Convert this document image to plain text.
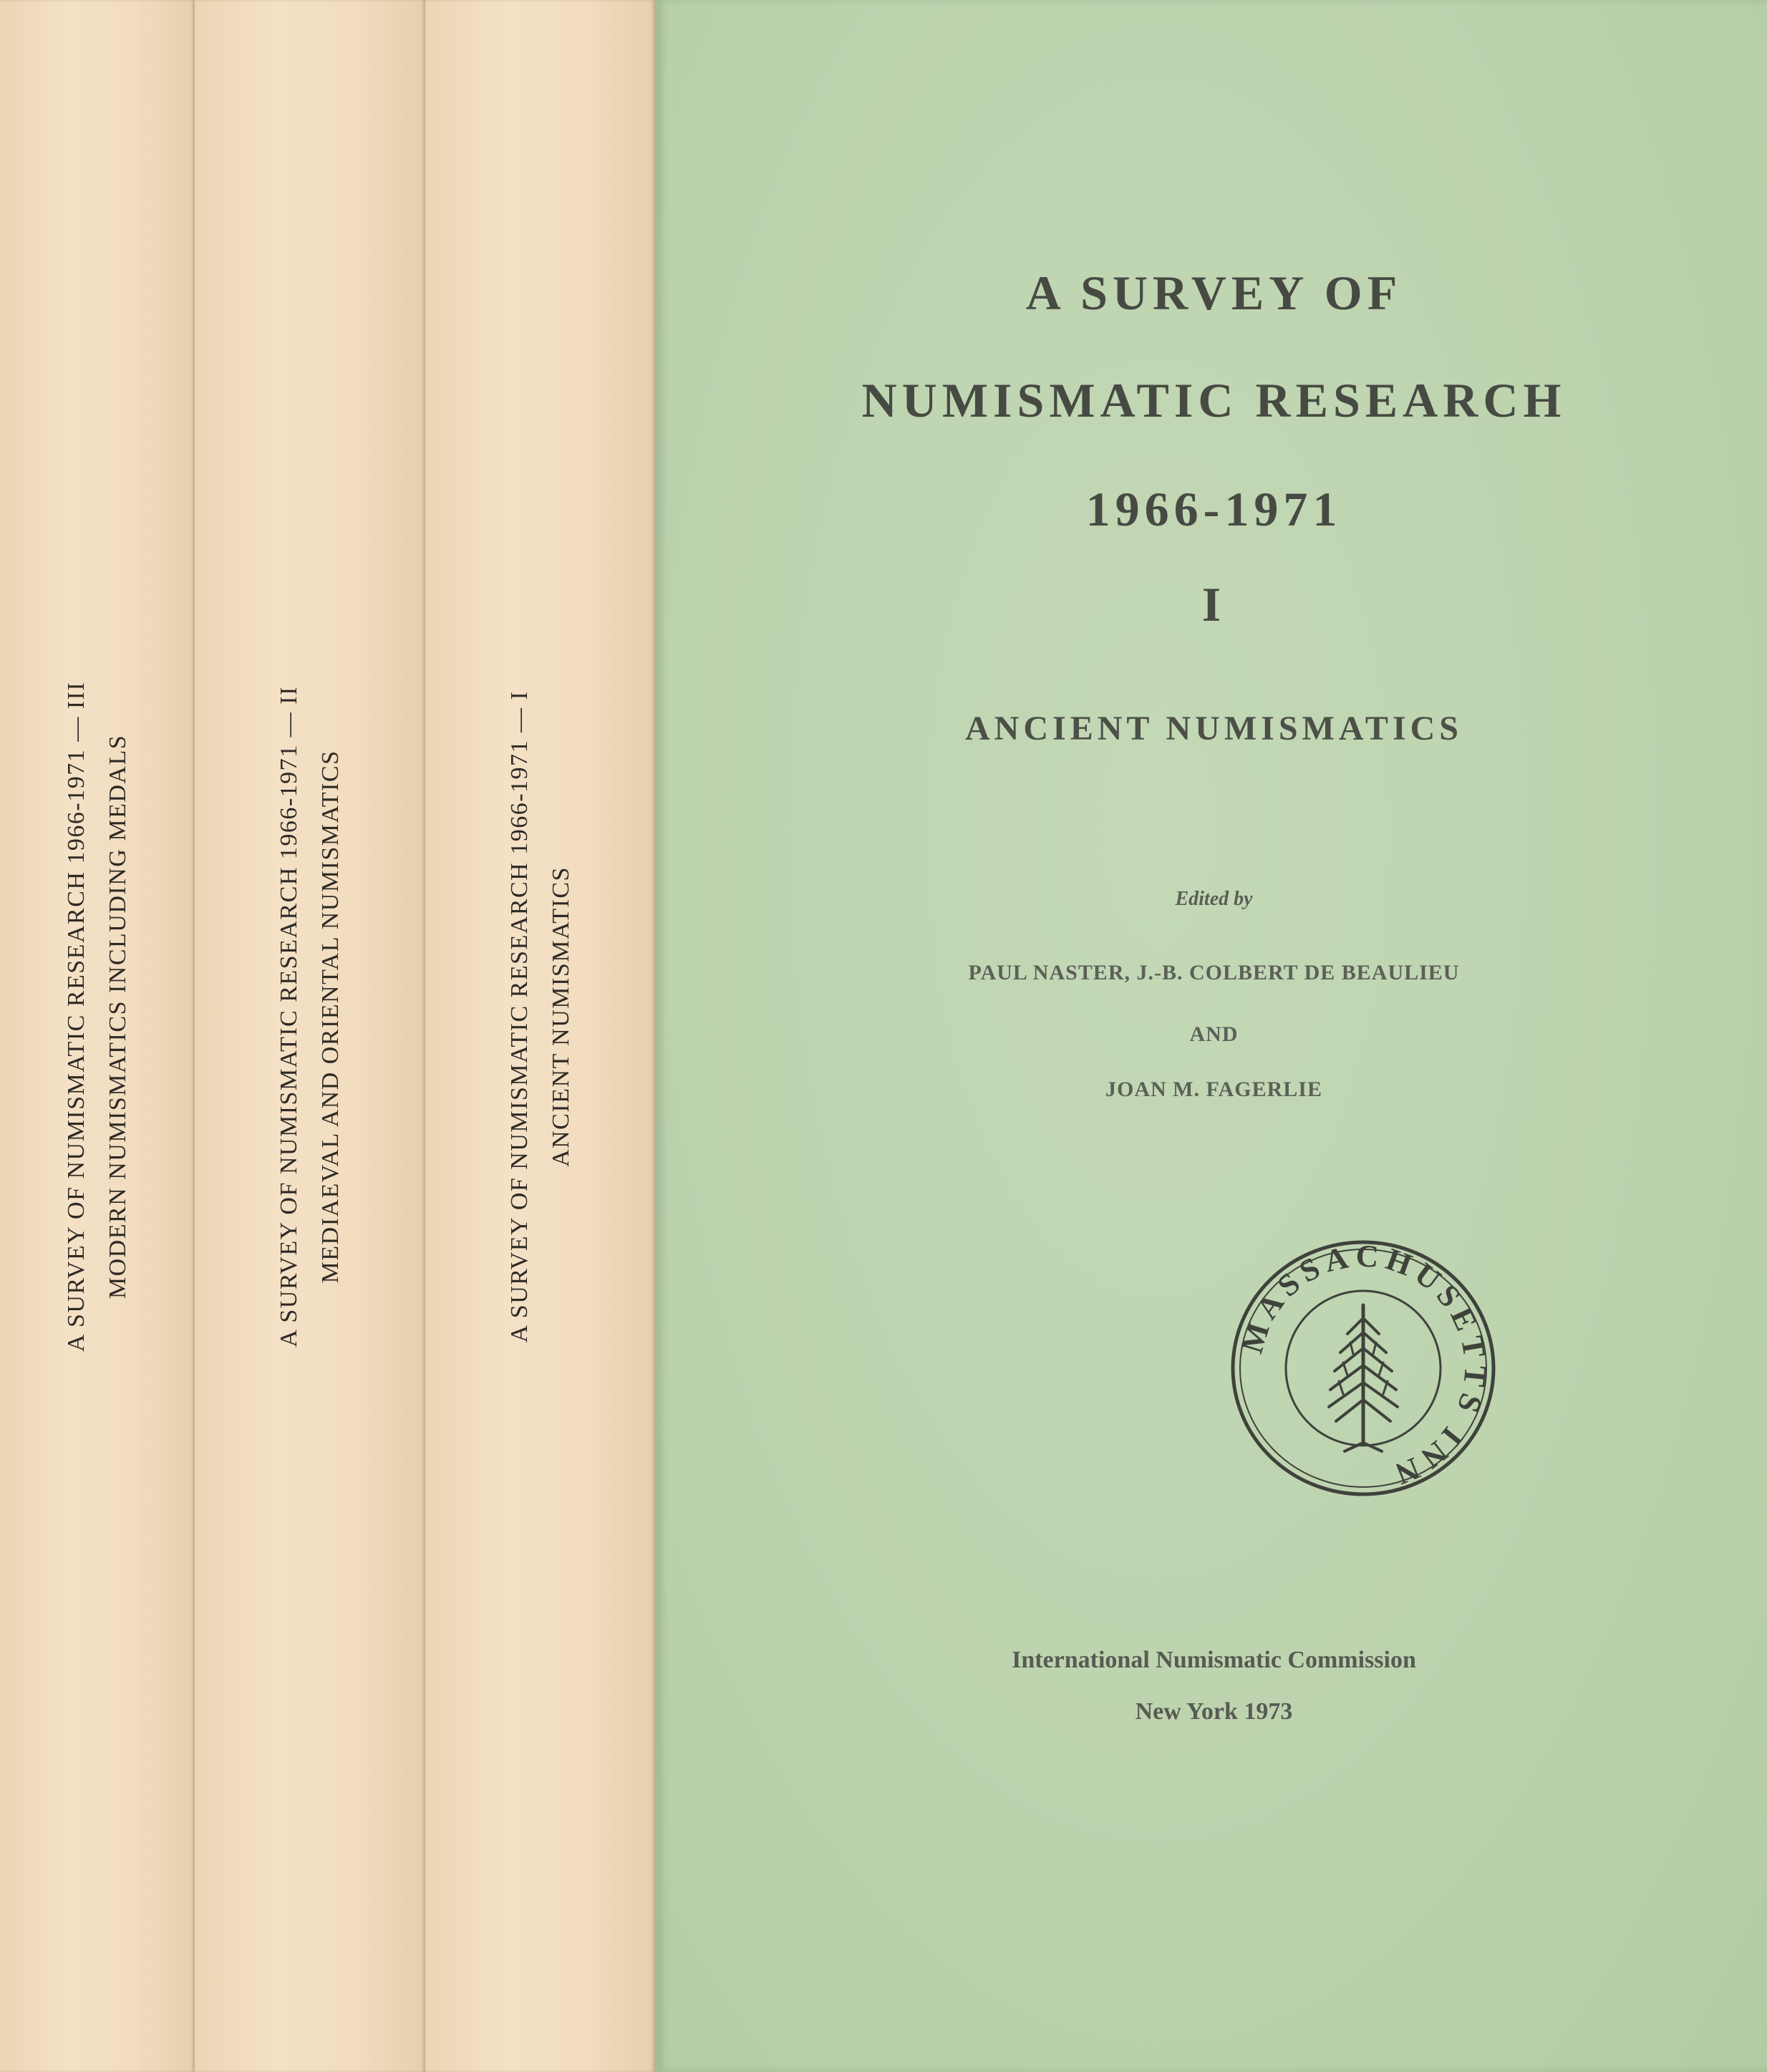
A SURVEY OF NUMISMATIC RESEARCH 1966-1971 — III MODERN NUMISMATICS INCLUDING MEDALS	A SURVEY OF NUMISMATIC RESEARCH 1966-1971 — II MEDIAEVAL AND ORIENTAL NUMISMATICS	A SURVEY OF NUMISMATIC RESEARCH 1966-1971 — I ANCIENT NUMISMATICS
A SURVEY OF
NUMISMATIC RESEARCH
1966-1971
I
ANCIENT NUMISMATICS
Edited by
PAUL NASTER, J.-B. COLBERT DE BEAULIEU
AND
JOAN M. FAGERLIE
MASSACHUSETTS INN
International Numismatic Commission
New York 1973
